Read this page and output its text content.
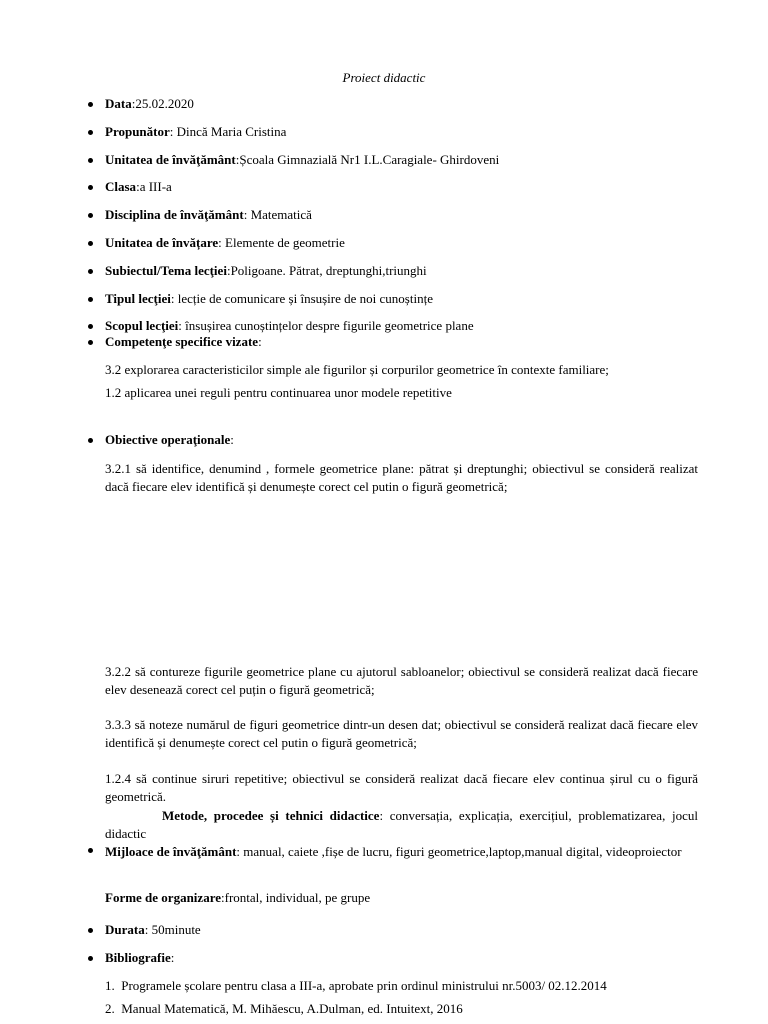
Proiect didactic
Data:25.02.2020
Propunător: Dincă Maria Cristina
Unitatea de învăţământ:Școala Gimnazială Nr1 I.L.Caragiale- Ghirdoveni
Clasa:a III-a
Disciplina de învăţământ: Matematică
Unitatea de învățare: Elemente de geometrie
Subiectul/Tema lecţiei:Poligoane. Pătrat, dreptunghi,triunghi
Tipul lecţiei: lecție de comunicare și însușire de noi cunoștințe
Scopul lecţiei: însușirea cunoștințelor despre figurile geometrice plane
Competenţe specifice vizate:
3.2 explorarea caracteristicilor simple ale figurilor și corpurilor geometrice în contexte familiare;
1.2 aplicarea unei reguli pentru continuarea unor modele repetitive
Obiective operaţionale:
3.2.1 să identifice, denumind , formele geometrice plane: pătrat și dreptunghi; obiectivul se consideră realizat dacă fiecare elev identifică și denumește corect cel putin o figură geometrică;
3.2.2 să contureze figurile geometrice plane cu ajutorul sabloanelor; obiectivul se consideră realizat dacă fiecare elev desenează corect cel puțin o figură geometrică;
3.3.3 să noteze numărul de figuri geometrice dintr-un desen dat; obiectivul se consideră realizat dacă fiecare elev identifică și denumește corect cel putin o figură geometrică;
1.2.4 să continue siruri repetitive; obiectivul se consideră realizat dacă fiecare elev continua șirul cu o figură geometrică.
Metode, procedee și tehnici didactice: conversația, explicația, exercițiul, problematizarea, jocul didactic
Mijloace de învăţământ: manual, caiete ,fișe de lucru, figuri geometrice,laptop,manual digital, videoproiector
Forme de organizare:frontal, individual, pe grupe
Durata: 50minute
Bibliografie:
1. Programele școlare pentru clasa a III-a, aprobate prin ordinul ministrului nr.5003/ 02.12.2014
2. Manual Matematică, M. Mihăescu, A.Dulman, ed. Intuitext, 2016
